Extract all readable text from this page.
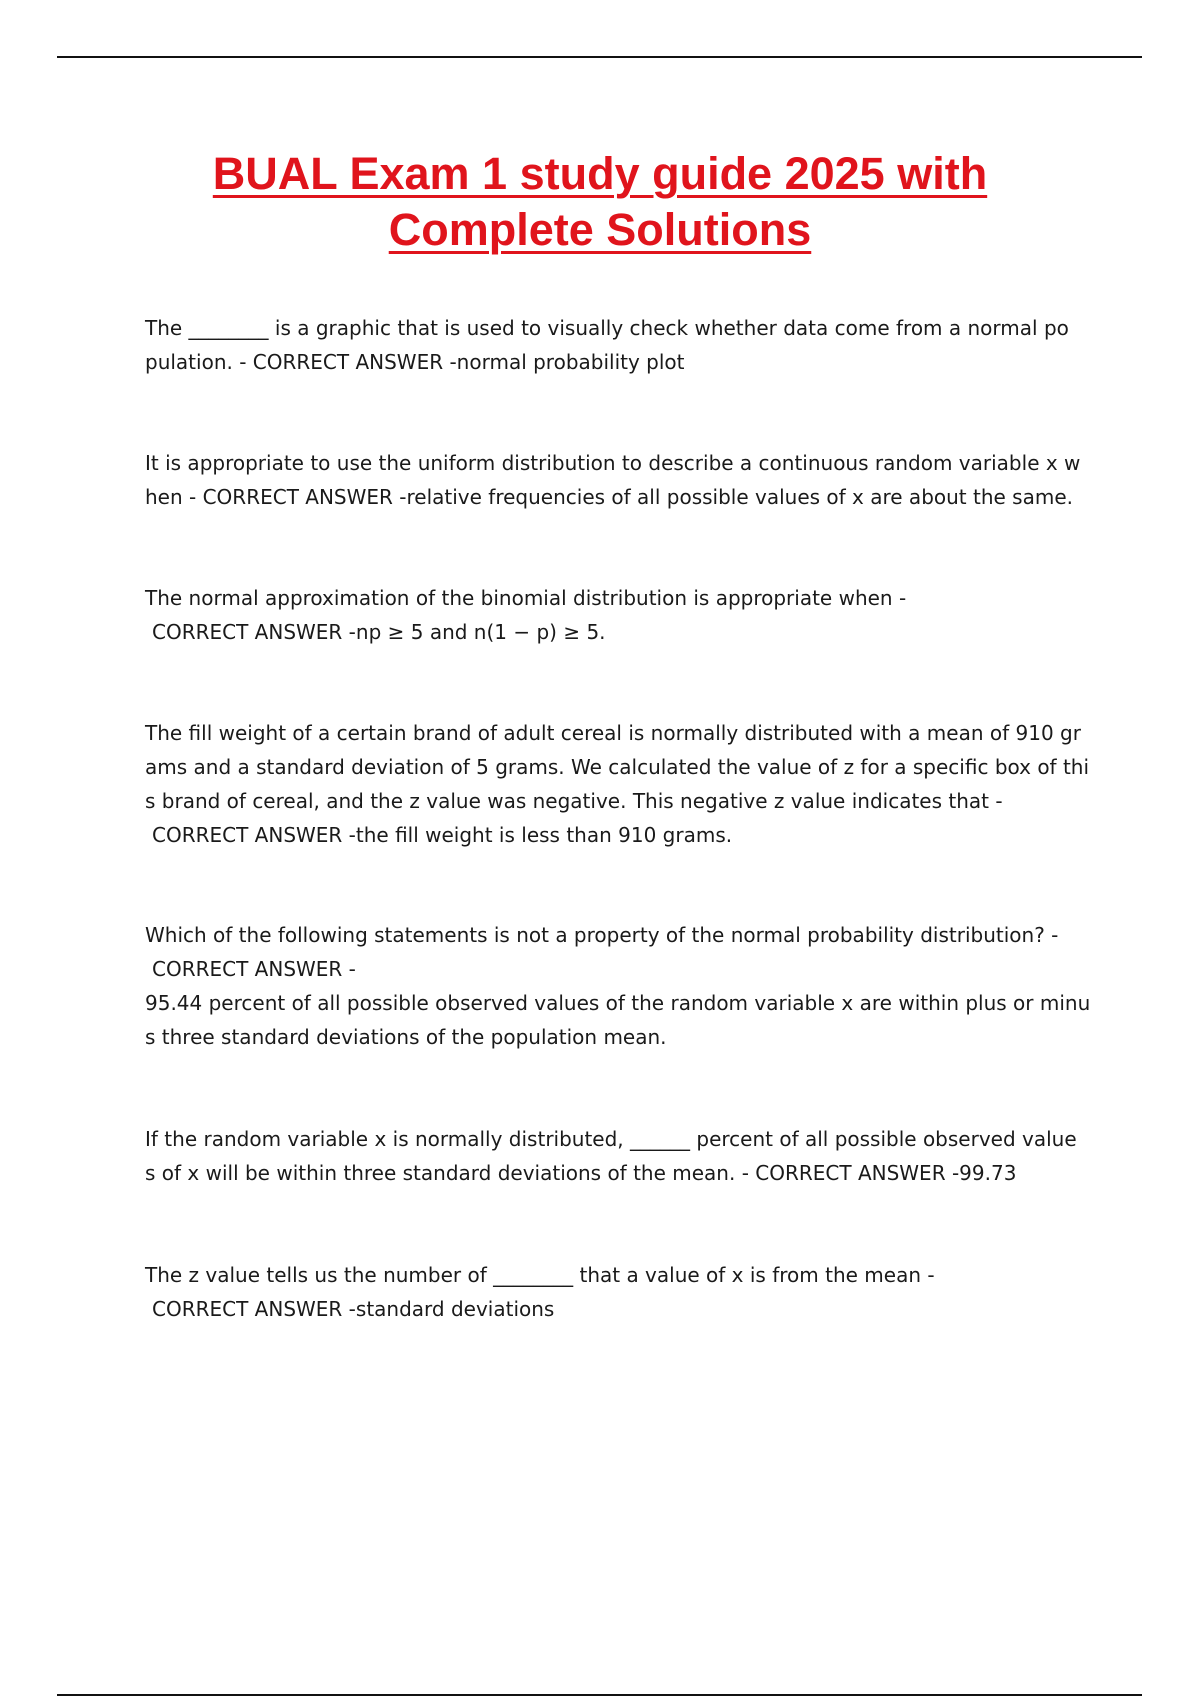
BUAL Exam 1 study guide 2025 with
Complete Solutions
The ________ is a graphic that is used to visually check whether data come from a normal po
pulation. - CORRECT ANSWER -normal probability plot
It is appropriate to use the uniform distribution to describe a continuous random variable x w
hen - CORRECT ANSWER -relative frequencies of all possible values of x are about the same.
The normal approximation of the binomial distribution is appropriate when -
CORRECT ANSWER -np ≥ 5 and n(1 − p) ≥ 5.
The fill weight of a certain brand of adult cereal is normally distributed with a mean of 910 gr
ams and a standard deviation of 5 grams. We calculated the value of z for a specific box of thi
s brand of cereal, and the z value was negative. This negative z value indicates that -
CORRECT ANSWER -the fill weight is less than 910 grams.
Which of the following statements is not a property of the normal probability distribution? -
CORRECT ANSWER -
95.44 percent of all possible observed values of the random variable x are within plus or minu
s three standard deviations of the population mean.
If the random variable x is normally distributed, ______ percent of all possible observed value
s of x will be within three standard deviations of the mean. - CORRECT ANSWER -99.73
The z value tells us the number of ________ that a value of x is from the mean -
CORRECT ANSWER -standard deviations
